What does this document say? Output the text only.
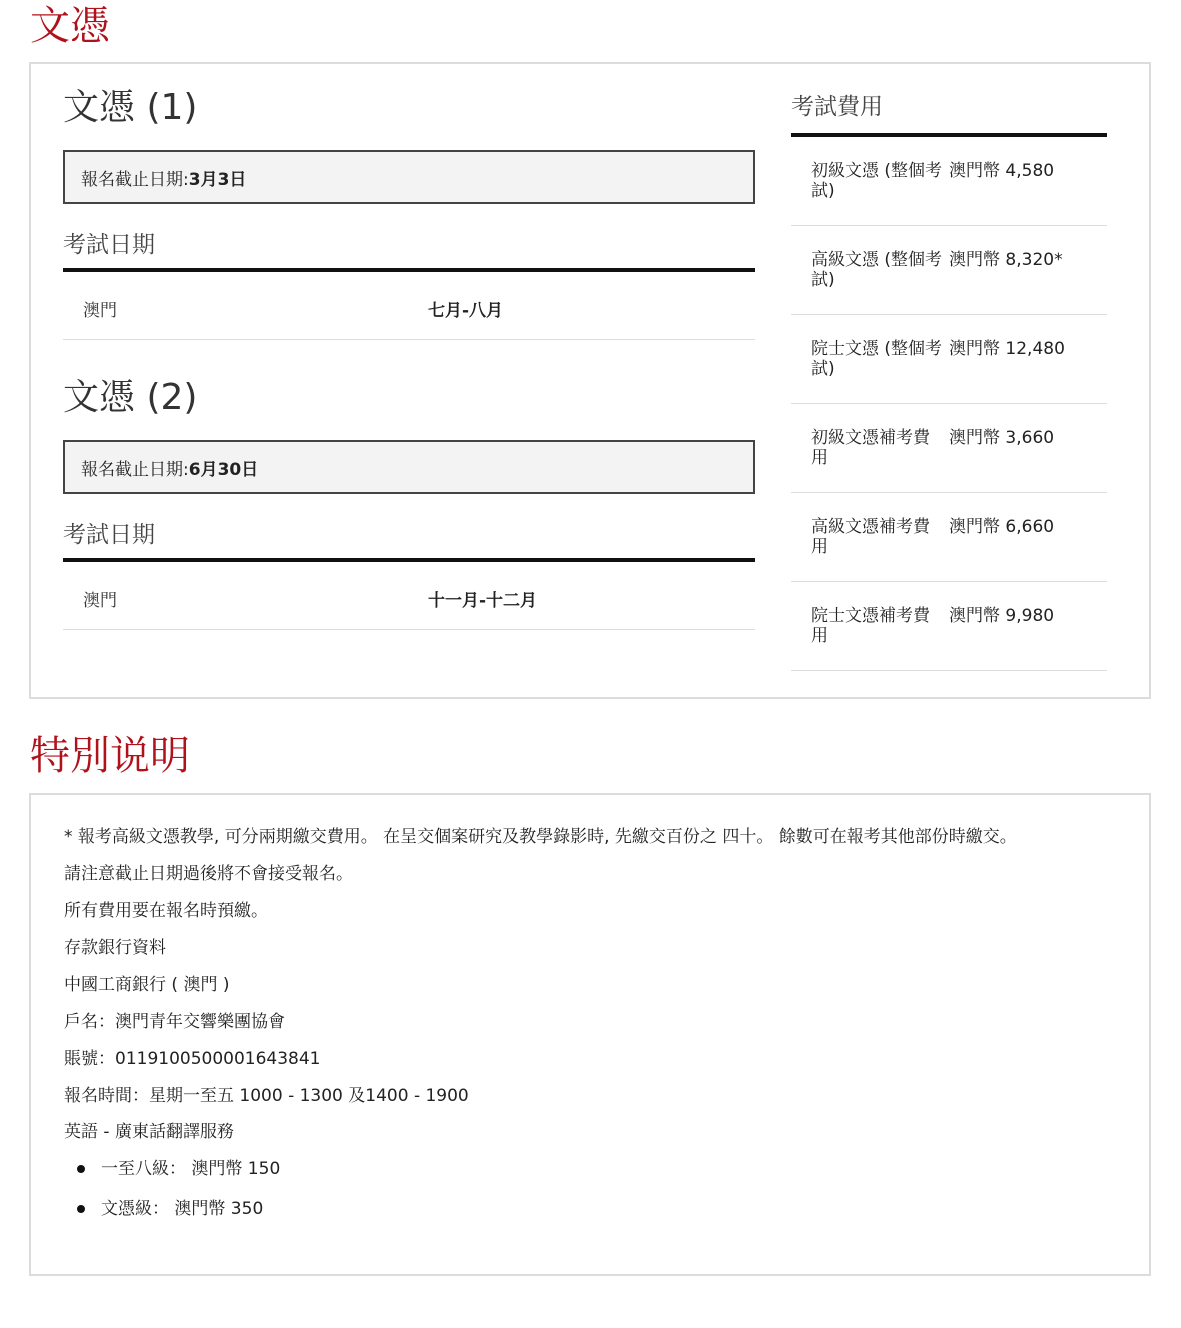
文憑
文憑 (1)
報名截止日期: 3月3日
考試日期
澳門	七月-八月
文憑 (2)
報名截止日期: 6月30日
考試日期
澳門	十一月-十二月
考試費用
初級文憑 (整個考試)
澳門幣 4,580
高級文憑 (整個考試)
澳門幣 8,320*
院士文憑 (整個考試)
澳門幣 12,480
初級文憑補考費用
澳門幣 3,660
高級文憑補考費用
澳門幣 6,660
院士文憑補考費用
澳門幣 9,980
特別说明

* 報考高級文憑教學, 可分兩期繳交費用。 在呈交個案研究及教學錄影時, 先繳交百份之 四十。 餘數可在報考其他部份時繳交。

請注意截止日期過後將不會接受報名。

所有費用要在報名時預繳。

存款銀行資料

中國工商銀行 ( 澳門 )

戶名：澳門青年交響樂團協會

賬號：0119100500001643841

報名時間：星期一至五 1000 - 1300 及1400 - 1900

英語 - 廣東話翻譯服務

一至八級： 澳門幣 150
文憑級： 澳門幣 350
